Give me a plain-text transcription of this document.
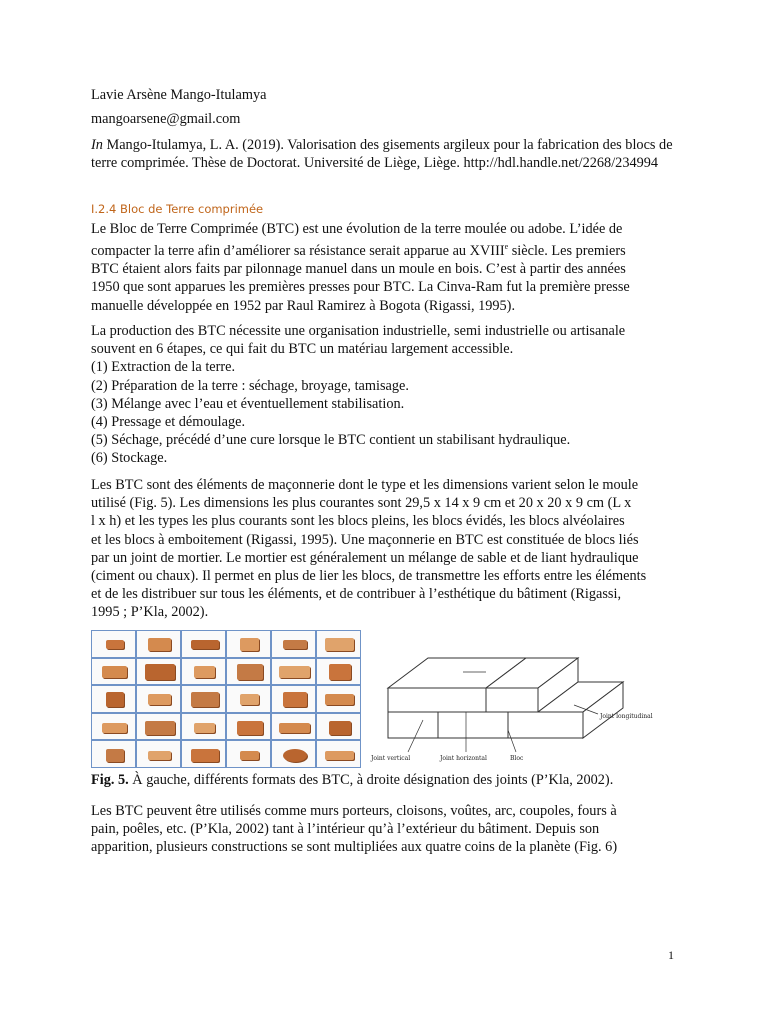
Lavie Arsène Mango-Itulamya
mangoarsene@gmail.com
In Mango-Itulamya, L. A. (2019). Valorisation des gisements argileux pour la fabrication des blocs de
terre comprimée. Thèse de Doctorat. Université de Liège, Liège. http://hdl.handle.net/2268/234994
I.2.4 Bloc de Terre comprimée
Le Bloc de Terre Comprimée (BTC) est une évolution de la terre moulée ou adobe. L’idée de
compacter la terre afin d’améliorer sa résistance serait apparue au XVIIIe siècle. Les premiers
BTC étaient alors faits par pilonnage manuel dans un moule en bois. C’est à partir des années
1950 que sont apparues les premières presses pour BTC. La Cinva-Ram fut la première presse
manuelle développée en 1952 par Raul Ramirez à Bogota (Rigassi, 1995).
La production des BTC nécessite une organisation industrielle, semi industrielle ou artisanale
souvent en 6 étapes, ce qui fait du BTC un matériau largement accessible.
(1) Extraction de la terre.
(2) Préparation de la terre : séchage, broyage, tamisage.
(3) Mélange avec l’eau et éventuellement stabilisation.
(4) Pressage et démoulage.
(5) Séchage, précédé d’une cure lorsque le BTC contient un stabilisant hydraulique.
(6) Stockage.
Les BTC sont des éléments de maçonnerie dont le type et les dimensions varient selon le moule
utilisé (Fig. 5). Les dimensions les plus courantes sont 29,5 x 14 x 9 cm et 20 x 20 x 9 cm (L x
l x h) et les types les plus courants sont les blocs pleins, les blocs évidés, les blocs alvéolaires
et les blocs à emboitement (Rigassi, 1995). Une maçonnerie en BTC est constituée de blocs liés
par un joint de mortier. Le mortier est généralement un mélange de sable et de liant hydraulique
(ciment ou chaux). Il permet en plus de lier les blocs, de transmettre les efforts entre les éléments
et de les distribuer sur tous les éléments, et de contribuer à l’esthétique du bâtiment (Rigassi,
1995 ; P’Kla, 2002).
Joint vertical	Joint horizontal	Bloc
Joint longitudinal
Fig. 5. À gauche, différents formats des BTC, à droite désignation des joints (P’Kla, 2002).
Les BTC peuvent être utilisés comme murs porteurs, cloisons, voûtes, arc, coupoles, fours à
pain, poêles, etc. (P’Kla, 2002) tant à l’intérieur qu’à l’extérieur du bâtiment. Depuis son
apparition, plusieurs constructions se sont multipliées aux quatre coins de la planète (Fig. 6)
1
